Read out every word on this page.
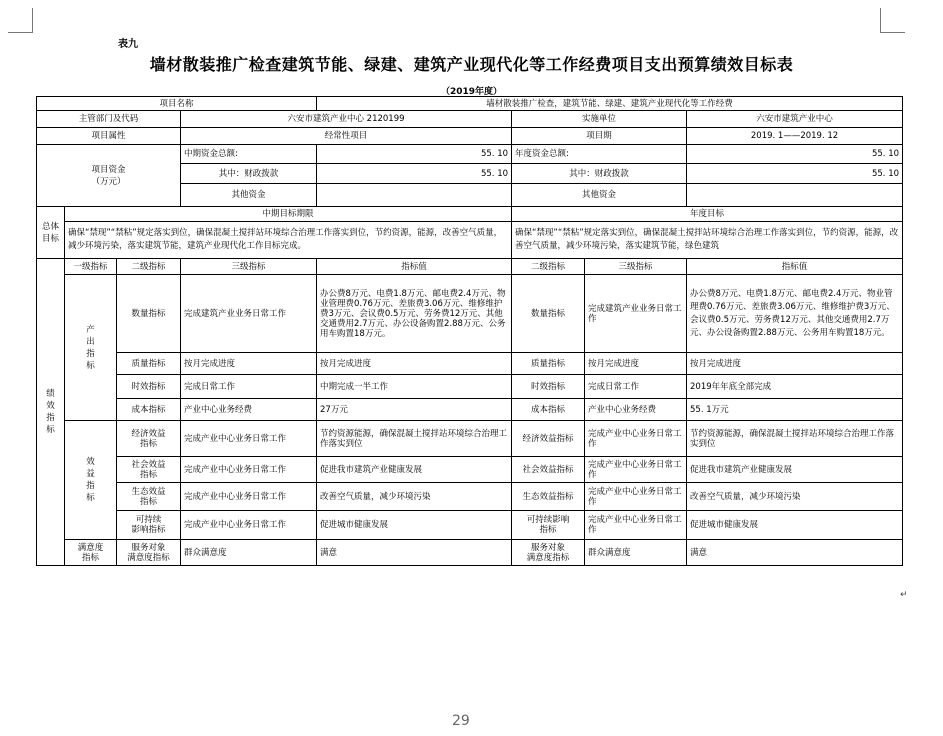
表九
墙材散装推广检查建筑节能、绿建、建筑产业现代化等工作经费项目支出预算绩效目标表
（2019年度）
项目名称				墙材散装推广检查，建筑节能、绿建、建筑产业现代化等工作经费			
主管部门及代码			六安市建筑产业中心 2120199		实施单位		六安市建筑产业中心
项目属性			经常性项目		项目期		2019. 1——2019. 12
项目资金
（万元）			中期资金总额:	55. 10	年度资金总额:		55. 10
			其中：财政拨款	55. 10	其中：财政拨款		55. 10
			其他资金		其他资金		
总体
目标	中期目标期限				年度目标		
	确保“禁现”“禁粘”规定落实到位，确保混凝土搅拌站环境综合治理工作落实到位，节约资源，能源，改善空气质量，减少环境污染，落实建筑节能，建筑产业现代化工作目标完成。				确保“禁现”“禁粘”规定落实到位，确保混凝土搅拌站环境综合治理工作落实到位，节约资源，能源，改善空气质量，减少环境污染，落实建筑节能，绿色建筑		
绩
效
指
标	一级指标	二级指标	三级指标	指标值	二级指标	三级指标	指标值
	产
出
指
标	数量指标	完成建筑产业业务日常工作	办公费8万元、电费1.8万元、邮电费2.4万元、物业管理费0.76万元、差旅费3.06万元、维修维护费3万元、会议费0.5万元、劳务费12万元、其他交通费用2.7万元、办公设备购置2.88万元、公务用车购置18万元。	数量指标	完成建筑产业业务日常工作	办公费8万元、电费1.8万元、邮电费2.4万元、物业管理费0.76万元、差旅费3.06万元、维修维护费3万元、会议费0.5万元、劳务费12万元、其他交通费用2.7万元、办公设备购置2.88万元、公务用车购置18万元。
		质量指标	按月完成进度	按月完成进度	质量指标	按月完成进度	按月完成进度
		时效指标	完成日常工作	中期完成一半工作	时效指标	完成日常工作	2019年年底全部完成
		成本指标	产业中心业务经费	27万元	成本指标	产业中心业务经费	55. 1万元
	效
益
指
标	经济效益
指标	完成产业中心业务日常工作	节约资源能源，确保混凝土搅拌站环境综合治理工作落实到位	经济效益指标	完成产业中心业务日常工作	节约资源能源，确保混凝土搅拌站环境综合治理工作落实到位
		社会效益
指标	完成产业中心业务日常工作	促进我市建筑产业健康发展	社会效益指标	完成产业中心业务日常工作	促进我市建筑产业健康发展
		生态效益
指标	完成产业中心业务日常工作	改善空气质量，减少环境污染	生态效益指标	完成产业中心业务日常工作	改善空气质量，减少环境污染
		可持续
影响指标	完成产业中心业务日常工作	促进城市健康发展	可持续影响
指标	完成产业中心业务日常工作	促进城市健康发展
	满意度
指标	服务对象
满意度指标	群众满意度	满意	服务对象
满意度指标	群众满意度	满意
↵
29
